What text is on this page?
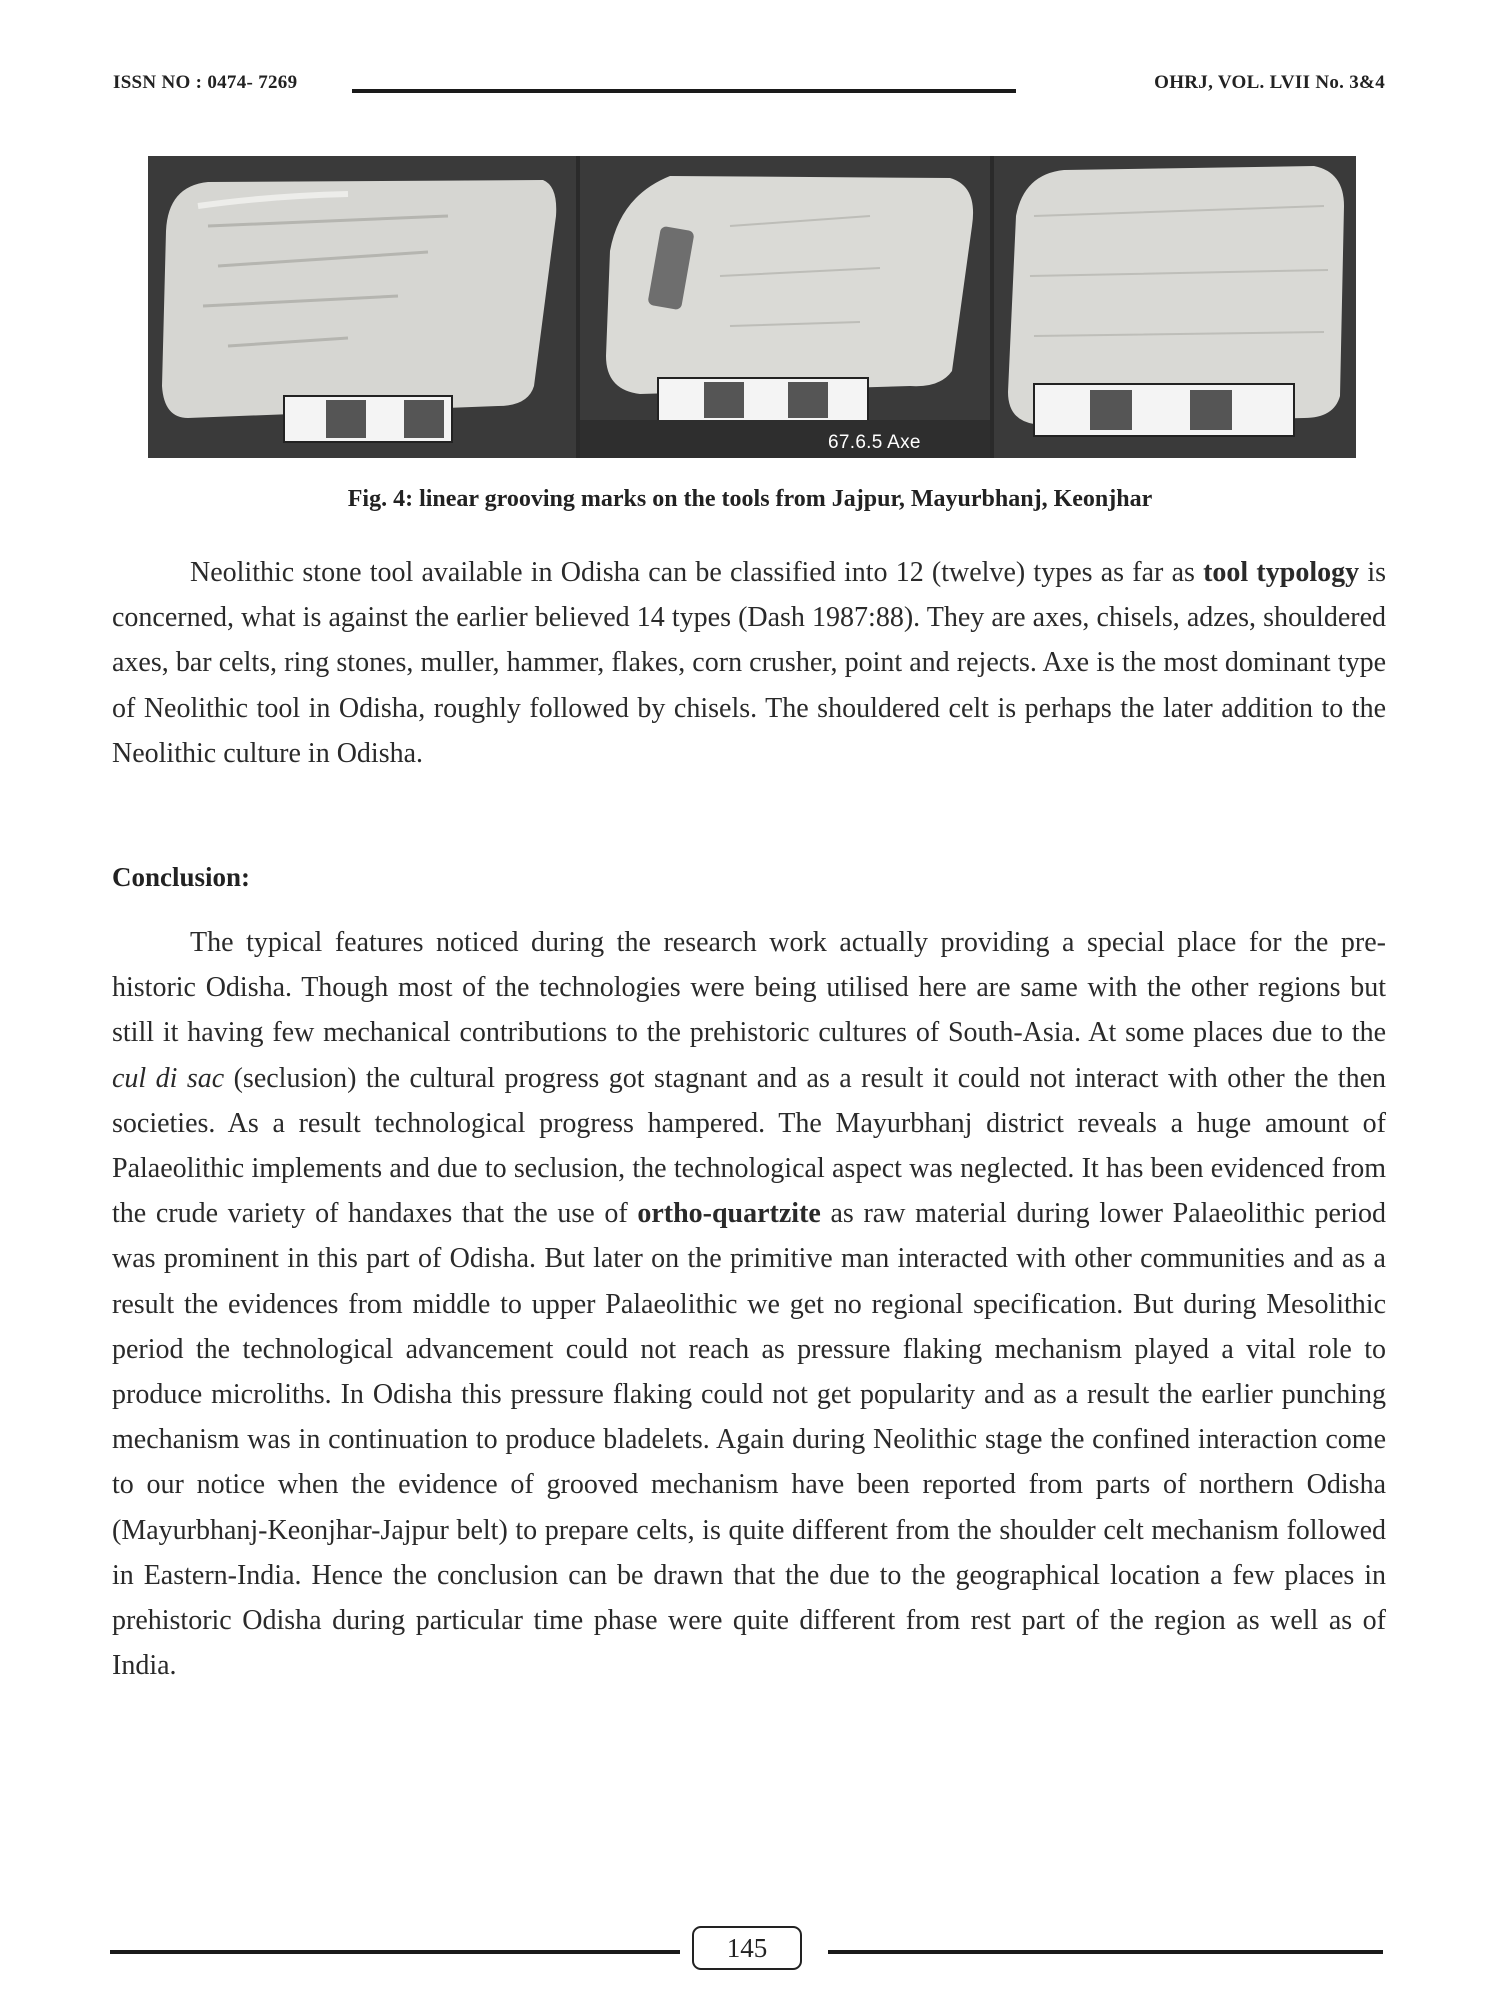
ISSN NO : 0474- 7269	OHRJ, VOL. LVII No. 3&4
67.6.5 Axe
Fig. 4: linear grooving marks on the tools from Jajpur, Mayurbhanj, Keonjhar
Neolithic stone tool available in Odisha can be classified into 12 (twelve) types as far as tool typology is concerned, what is against the earlier believed 14 types (Dash 1987:88). They are axes, chisels, adzes, shouldered axes, bar celts, ring stones, muller, hammer, flakes, corn crusher, point and rejects. Axe is the most dominant type of Neolithic tool in Odisha, roughly followed by chisels. The shouldered celt is perhaps the later addition to the Neolithic culture in Odisha.
Conclusion:
The typical features noticed during the research work actually providing a special place for the pre-historic Odisha. Though most of the technologies were being utilised here are same with the other regions but still it having few mechanical contributions to the prehistoric cultures of South-Asia. At some places due to the cul di sac (seclusion) the cultural progress got stagnant and as a result it could not interact with other the then societies. As a result technological progress hampered. The Mayurbhanj district reveals a huge amount of Palaeolithic implements and due to seclusion, the technological aspect was neglected. It has been evidenced from the crude variety of handaxes that the use of ortho-quartzite as raw material during lower Palaeolithic period was prominent in this part of Odisha. But later on the primitive man interacted with other communities and as a result the evidences from middle to upper Palaeolithic we get no regional specification. But during Mesolithic period the technological advancement could not reach as pressure flaking mechanism played a vital role to produce microliths. In Odisha this pressure flaking could not get popularity and as a result the earlier punching mechanism was in continuation to produce bladelets. Again during Neolithic stage the confined interaction come to our notice when the evidence of grooved mechanism have been reported from parts of northern Odisha (Mayurbhanj-Keonjhar-Jajpur belt) to prepare celts, is quite different from the shoulder celt mechanism followed in Eastern-India. Hence the conclusion can be drawn that the due to the geographical location a few places in prehistoric Odisha during particular time phase were quite different from rest part of the region as well as of India.
145
